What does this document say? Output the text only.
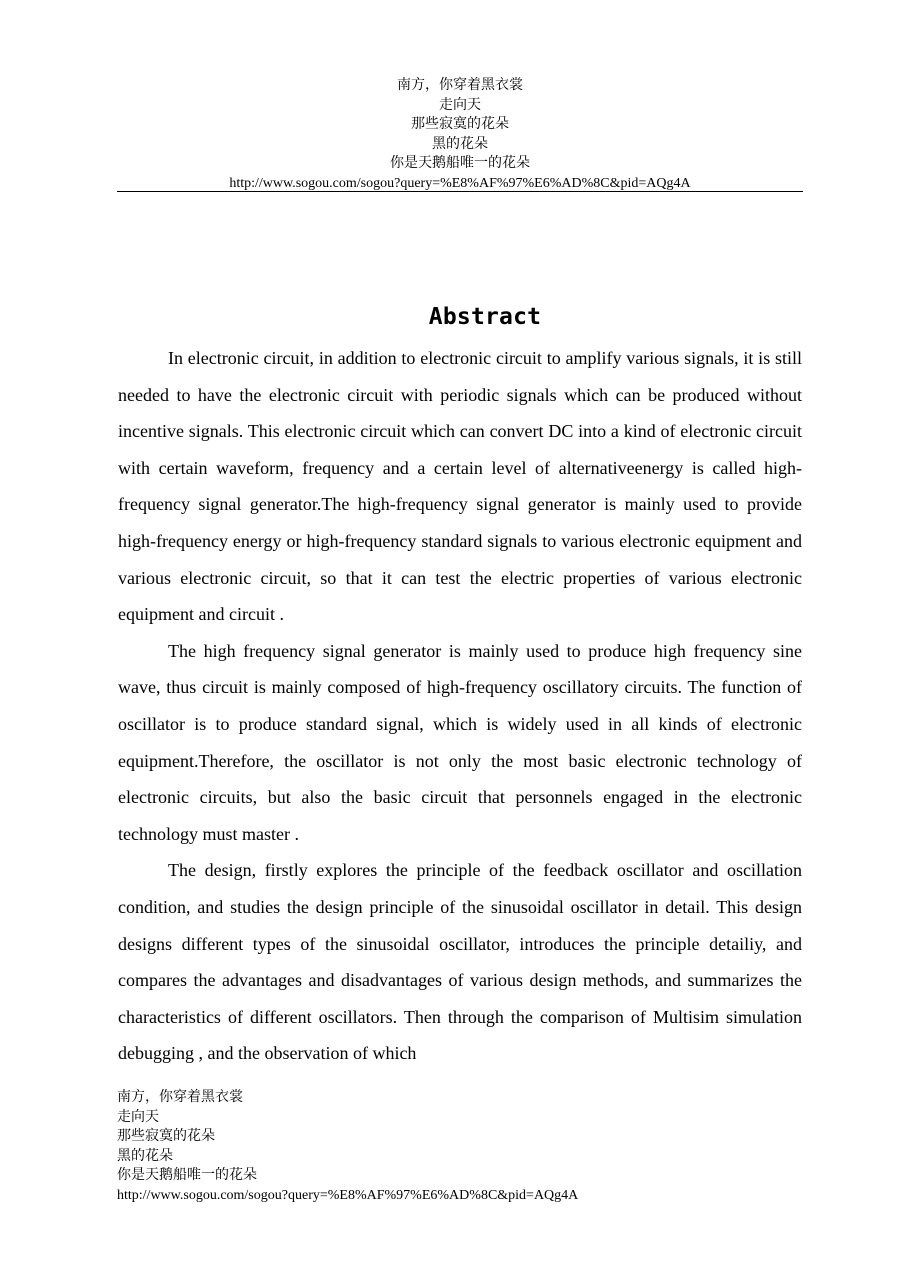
南方，你穿着黑衣裳
走向天
那些寂寞的花朵
黑的花朵
你是天鹅船唯一的花朵
http://www.sogou.com/sogou?query=%E8%AF%97%E6%AD%8C&pid=AQg4A
Abstract

In electronic circuit, in addition to electronic circuit to amplify various signals, it is still needed to have the electronic circuit with periodic signals which can be produced without incentive signals. This electronic circuit which can convert DC into a kind of electronic circuit with certain waveform, frequency and a certain level of alternativeenergy is called high-frequency signal generator.The high-frequency signal generator is mainly used to provide high-frequency energy or high-frequency standard signals to various electronic equipment and various electronic circuit, so that it can test the electric properties of various electronic equipment and circuit .

The high frequency signal generator is mainly used to produce high frequency sine wave, thus circuit is mainly composed of high-frequency oscillatory circuits. The function of oscillator is to produce standard signal, which is widely used in all kinds of electronic equipment.Therefore, the oscillator is not only the most basic electronic technology of electronic circuits, but also the basic circuit that personnels engaged in the electronic technology must master .

The design, firstly explores the principle of the feedback oscillator and oscillation condition, and studies the design principle of the sinusoidal oscillator in detail. This design designs different types of the sinusoidal oscillator, introduces the principle detailiy, and compares the advantages and disadvantages of various design methods, and summarizes the characteristics of different oscillators. Then through the comparison of Multisim simulation debugging , and the observation of which

南方，你穿着黑衣裳
走向天
那些寂寞的花朵
黑的花朵
你是天鹅船唯一的花朵
http://www.sogou.com/sogou?query=%E8%AF%97%E6%AD%8C&pid=AQg4A
